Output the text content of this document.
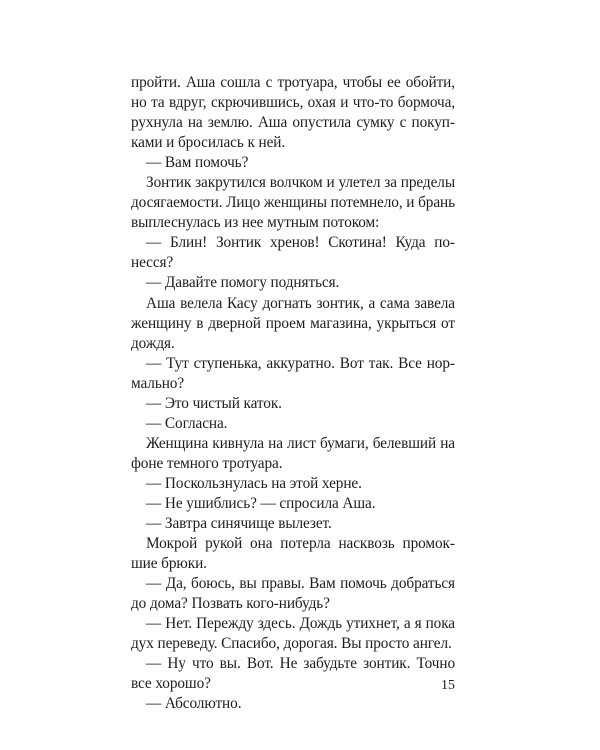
пройти. Аша сошла с тротуара, чтобы ее обойти, но та вдруг, скрючившись, охая и что-то бормоча, рухнула на землю. Аша опустила сумку с покупками и бросилась к ней.

— Вам помочь?

Зонтик закрутился волчком и улетел за пределы досягаемости. Лицо женщины потемнело, и брань выплеснулась из нее мутным потоком:

— Блин! Зонтик хренов! Скотина! Куда понесся?

— Давайте помогу подняться.

Аша велела Касу догнать зонтик, а сама завела женщину в дверной проем магазина, укрыться от дождя.

— Тут ступенька, аккуратно. Вот так. Все нормально?

— Это чистый каток.

— Согласна.

Женщина кивнула на лист бумаги, белевший на фоне темного тротуара.

— Поскользнулась на этой херне.

— Не ушиблись? — спросила Аша.

— Завтра синячище вылезет.

Мокрой рукой она потерла насквозь промокшие брюки.

— Да, боюсь, вы правы. Вам помочь добраться до дома? Позвать кого-нибудь?

— Нет. Пережду здесь. Дождь утихнет, а я пока дух переведу. Спасибо, дорогая. Вы просто ангел.

— Ну что вы. Вот. Не забудьте зонтик. Точно все хорошо?

— Абсолютно.

15
